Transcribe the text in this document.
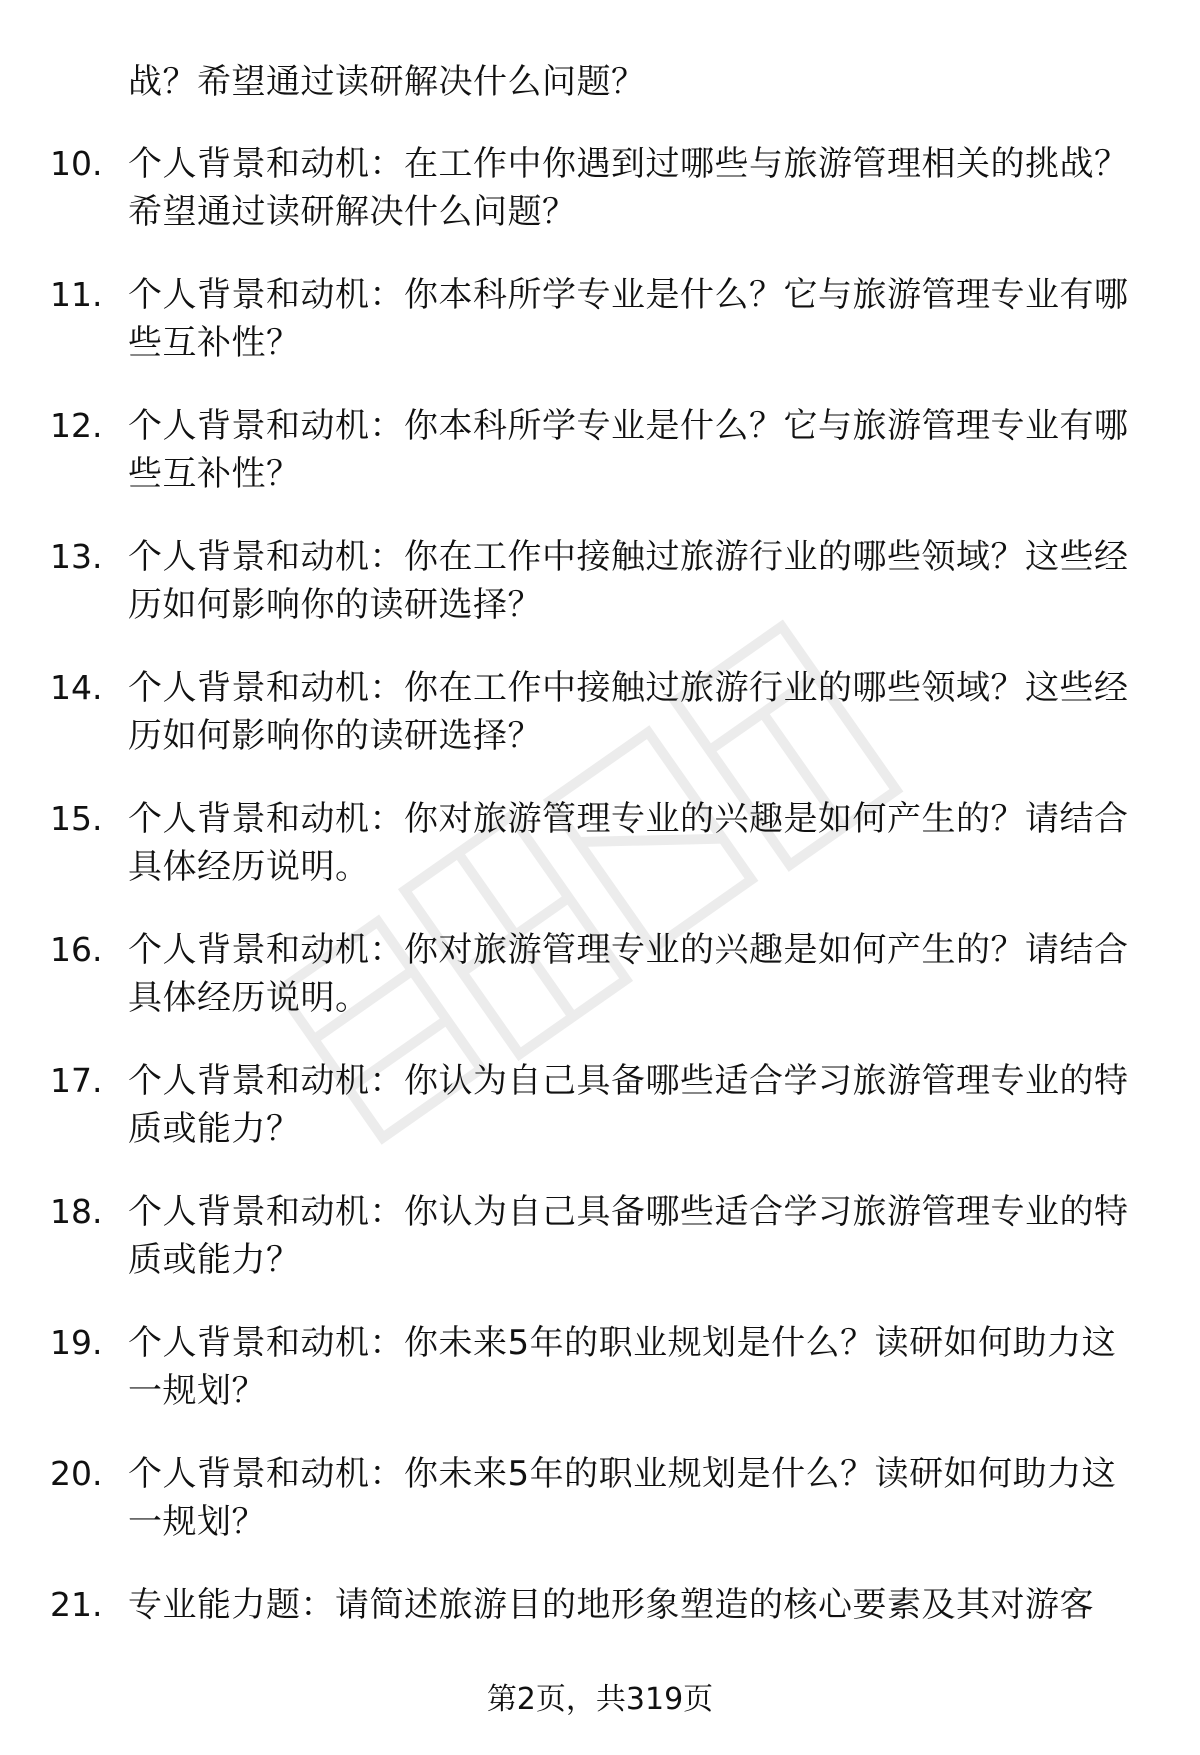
战？希望通过读研解决什么问题？
10. 个人背景和动机：在工作中你遇到过哪些与旅游管理相关的挑战？希望通过读研解决什么问题？
11. 个人背景和动机：你本科所学专业是什么？它与旅游管理专业有哪些互补性？
12. 个人背景和动机：你本科所学专业是什么？它与旅游管理专业有哪些互补性？
13. 个人背景和动机：你在工作中接触过旅游行业的哪些领域？这些经历如何影响你的读研选择？
14. 个人背景和动机：你在工作中接触过旅游行业的哪些领域？这些经历如何影响你的读研选择？
15. 个人背景和动机：你对旅游管理专业的兴趣是如何产生的？请结合具体经历说明。
16. 个人背景和动机：你对旅游管理专业的兴趣是如何产生的？请结合具体经历说明。
17. 个人背景和动机：你认为自己具备哪些适合学习旅游管理专业的特质或能力？
18. 个人背景和动机：你认为自己具备哪些适合学习旅游管理专业的特质或能力？
19. 个人背景和动机：你未来5年的职业规划是什么？读研如何助力这一规划？
20. 个人背景和动机：你未来5年的职业规划是什么？读研如何助力这一规划？
21. 专业能力题：请简述旅游目的地形象塑造的核心要素及其对游客
第2页，共319页
